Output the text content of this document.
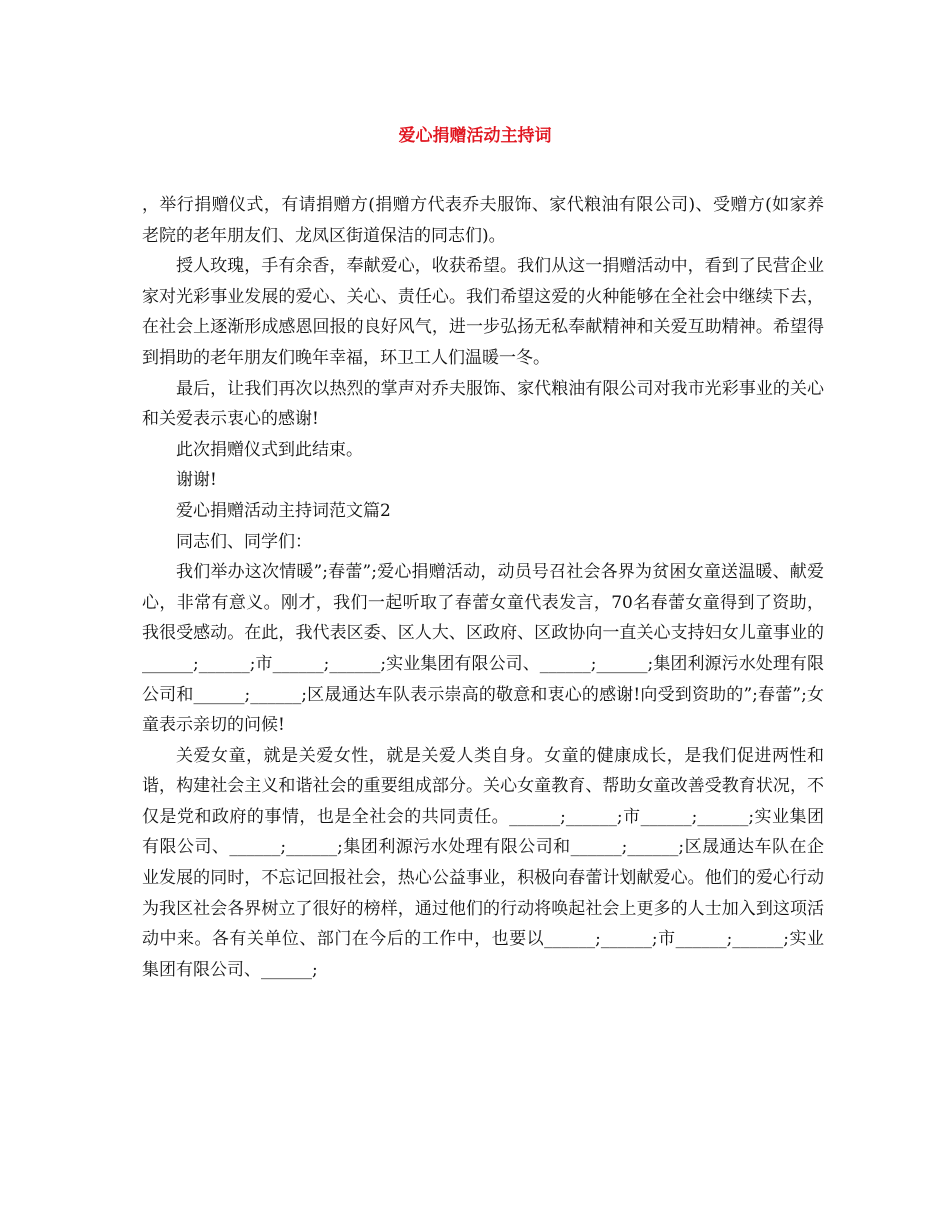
爱心捐赠活动主持词

，举行捐赠仪式，有请捐赠方(捐赠方代表乔夫服饰、家代粮油有限公司)、受赠方(如家养老院的老年朋友们、龙凤区街道保洁的同志们)。

授人玫瑰，手有余香，奉献爱心，收获希望。我们从这一捐赠活动中，看到了民营企业家对光彩事业发展的爱心、关心、责任心。我们希望这爱的火种能够在全社会中继续下去，在社会上逐渐形成感恩回报的良好风气，进一步弘扬无私奉献精神和关爱互助精神。希望得到捐助的老年朋友们晚年幸福，环卫工人们温暖一冬。

最后，让我们再次以热烈的掌声对乔夫服饰、家代粮油有限公司对我市光彩事业的关心和关爱表示衷心的感谢!

此次捐赠仪式到此结束。

谢谢!

爱心捐赠活动主持词范文篇2

同志们、同学们：

我们举办这次情暖”;春蕾”;爱心捐赠活动，动员号召社会各界为贫困女童送温暖、献爱心，非常有意义。刚才，我们一起听取了春蕾女童代表发言，70名春蕾女童得到了资助，我很受感动。在此，我代表区委、区人大、区政府、区政协向一直关心支持妇女儿童事业的______;______;市______;______;实业集团有限公司、______;______;集团利源污水处理有限公司和______;______;区晟通达车队表示崇高的敬意和衷心的感谢!向受到资助的”;春蕾”;女童表示亲切的问候!

关爱女童，就是关爱女性，就是关爱人类自身。女童的健康成长，是我们促进两性和谐，构建社会主义和谐社会的重要组成部分。关心女童教育、帮助女童改善受教育状况，不仅是党和政府的事情，也是全社会的共同责任。______;______;市______;______;实业集团有限公司、______;______;集团利源污水处理有限公司和______;______;区晟通达车队在企业发展的同时，不忘记回报社会，热心公益事业，积极向春蕾计划献爱心。他们的爱心行动为我区社会各界树立了很好的榜样，通过他们的行动将唤起社会上更多的人士加入到这项活动中来。各有关单位、部门在今后的工作中，也要以______;______;市______;______;实业集团有限公司、______;
